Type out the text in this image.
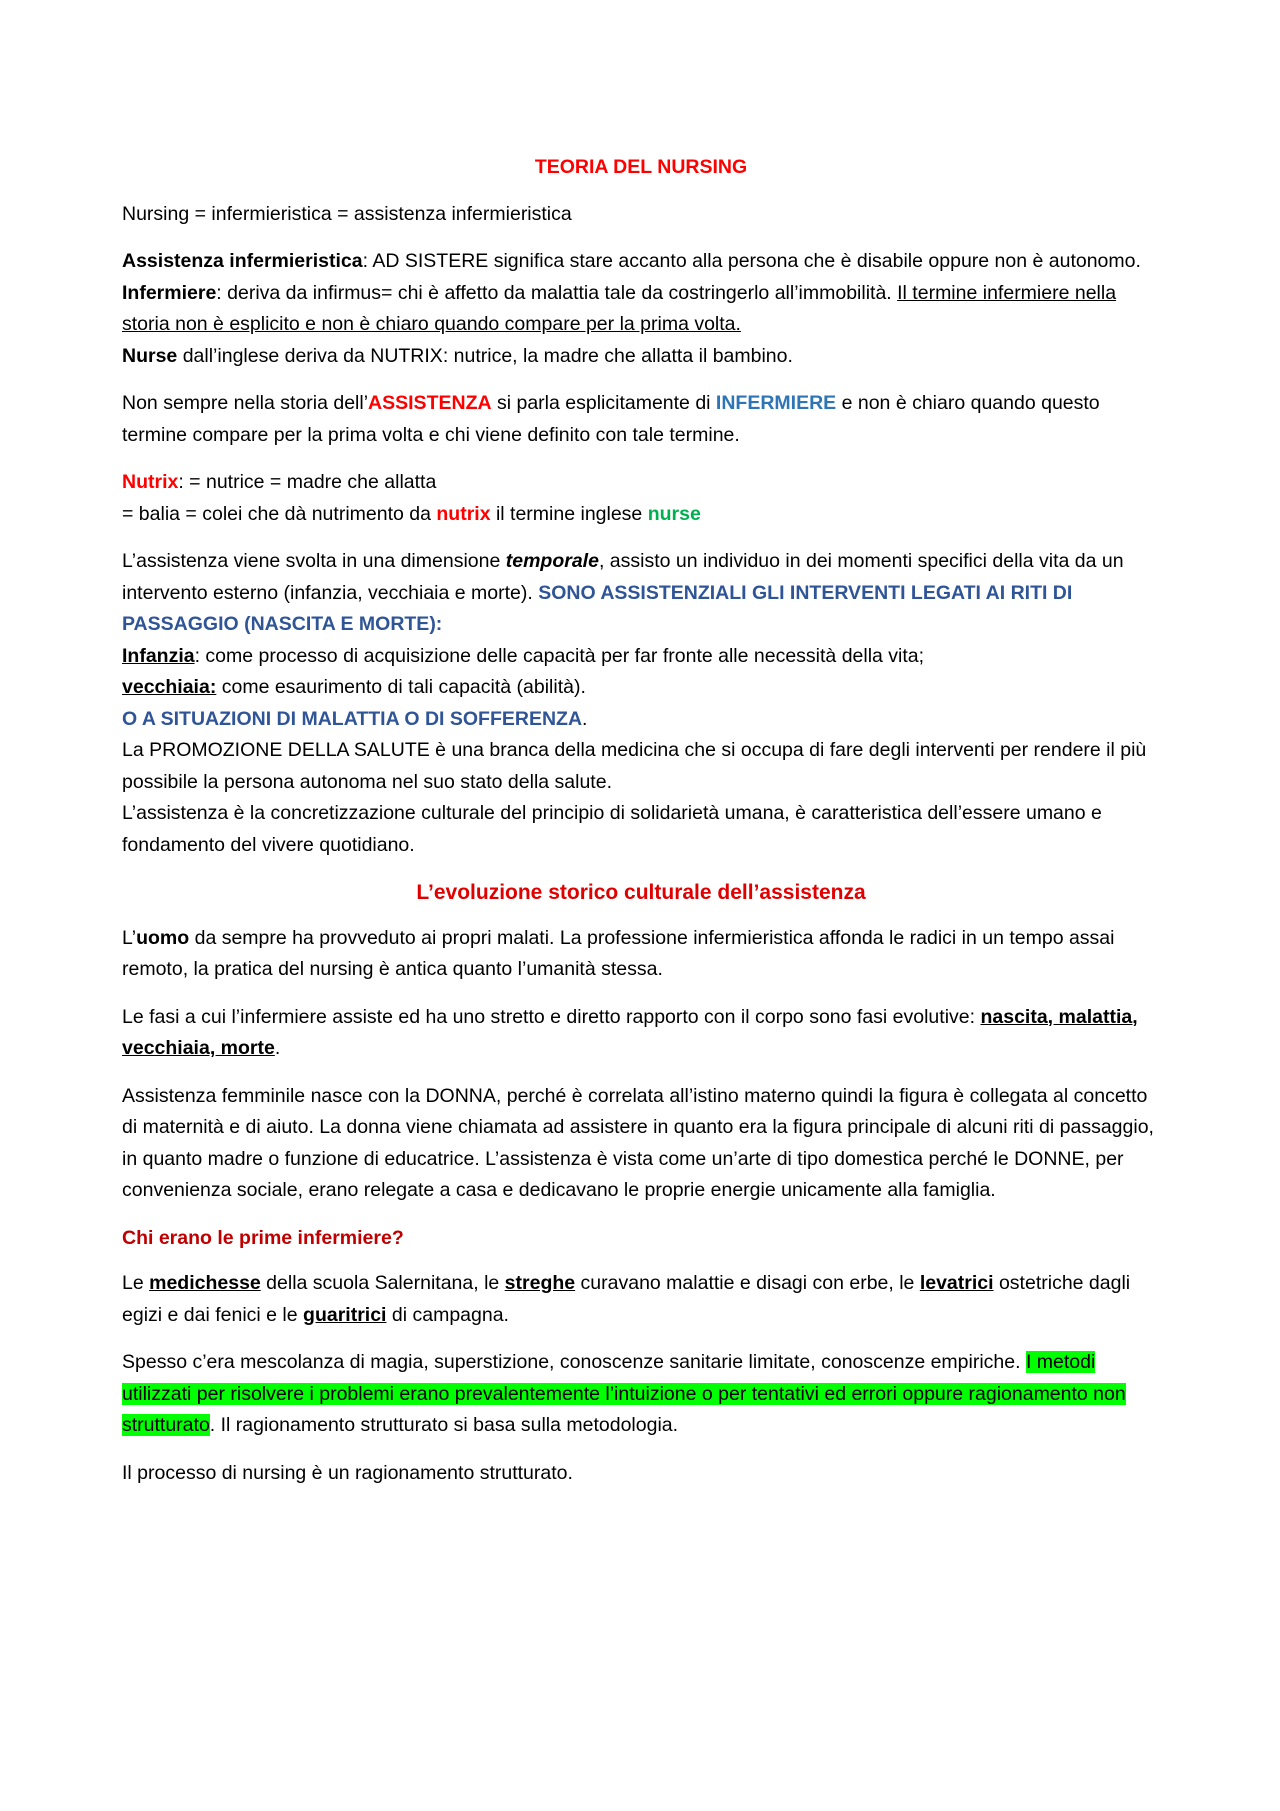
TEORIA DEL NURSING

Nursing = infermieristica = assistenza infermieristica

Assistenza infermieristica: AD SISTERE significa stare accanto alla persona che è disabile oppure non è autonomo.
Infermiere: deriva da infirmus= chi è affetto da malattia tale da costringerlo all’immobilità. Il termine infermiere nella storia non è esplicito e non è chiaro quando compare per la prima volta.
Nurse dall’inglese deriva da NUTRIX: nutrice, la madre che allatta il bambino.

Non sempre nella storia dell’ASSISTENZA si parla esplicitamente di INFERMIERE e non è chiaro quando questo termine compare per la prima volta e chi viene definito con tale termine.

Nutrix: = nutrice = madre che allatta
= balia = colei che dà nutrimento da nutrix il termine inglese nurse

L’assistenza viene svolta in una dimensione temporale, assisto un individuo in dei momenti specifici della vita da un intervento esterno (infanzia, vecchiaia e morte). SONO ASSISTENZIALI GLI INTERVENTI LEGATI AI RITI DI PASSAGGIO (NASCITA E MORTE):
Infanzia: come processo di acquisizione delle capacità per far fronte alle necessità della vita;
vecchiaia: come esaurimento di tali capacità (abilità).
O A SITUAZIONI DI MALATTIA O DI SOFFERENZA.
La PROMOZIONE DELLA SALUTE è una branca della medicina che si occupa di fare degli interventi per rendere il più possibile la persona autonoma nel suo stato della salute.
L’assistenza è la concretizzazione culturale del principio di solidarietà umana, è caratteristica dell’essere umano e fondamento del vivere quotidiano.

L’evoluzione storico culturale dell’assistenza

L’uomo da sempre ha provveduto ai propri malati. La professione infermieristica affonda le radici in un tempo assai remoto, la pratica del nursing è antica quanto l’umanità stessa.

Le fasi a cui l’infermiere assiste ed ha uno stretto e diretto rapporto con il corpo sono fasi evolutive: nascita, malattia, vecchiaia, morte.

Assistenza femminile nasce con la DONNA, perché è correlata all’istino materno quindi la figura è collegata al concetto di maternità e di aiuto. La donna viene chiamata ad assistere in quanto era la figura principale di alcuni riti di passaggio, in quanto madre o funzione di educatrice. L’assistenza è vista come un’arte di tipo domestica perché le DONNE, per convenienza sociale, erano relegate a casa e dedicavano le proprie energie unicamente alla famiglia.

Chi erano le prime infermiere?

Le medichesse della scuola Salernitana, le streghe curavano malattie e disagi con erbe, le levatrici ostetriche dagli egizi e dai fenici e le guaritrici di campagna.

Spesso c’era mescolanza di magia, superstizione, conoscenze sanitarie limitate, conoscenze empiriche. I metodi utilizzati per risolvere i problemi erano prevalentemente l’intuizione o per tentativi ed errori oppure ragionamento non strutturato. Il ragionamento strutturato si basa sulla metodologia.

Il processo di nursing è un ragionamento strutturato.
